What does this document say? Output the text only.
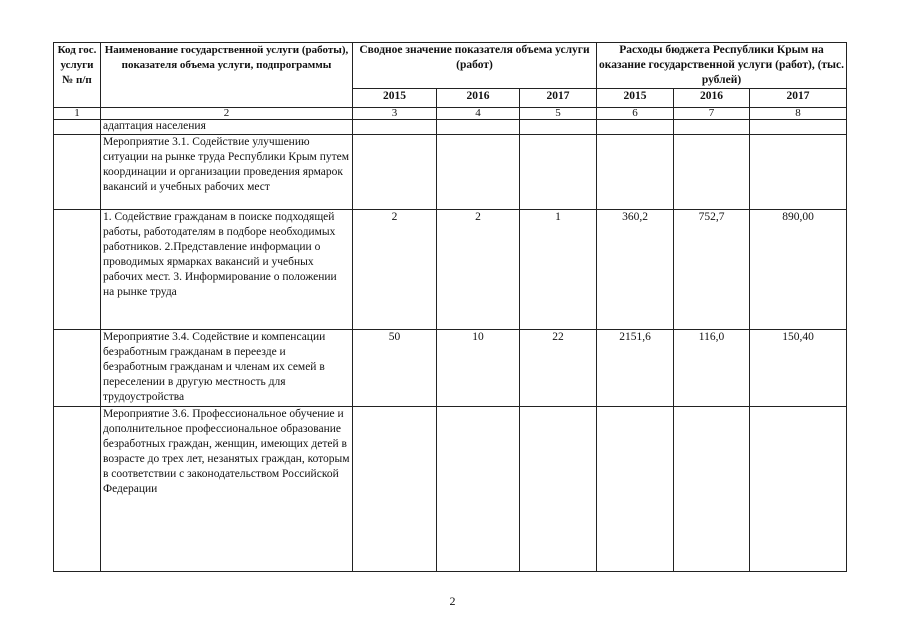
Код гос. услуги № п/п	Наименование государственной услуги (работы), показателя объема услуги, подпрограммы	Сводное значение показателя объема услуги (работ)			Расходы бюджета Республики Крым на оказание государственной услуги (работ), (тыс. рублей)		
		2015	2016	2017	2015	2016	2017
1	2	3	4	5	6	7	8
	адаптация населения						
	Мероприятие 3.1. Содействие улучшению ситуации на рынке труда Республики Крым путем координации и организации проведения ярмарок вакансий и учебных рабочих мест						
	1. Содействие гражданам в поиске подходящей работы, работодателям в подборе необходимых работников. 2.Представление информации о проводимых ярмарках вакансий и учебных рабочих мест. 3. Информирование о положении на рынке труда	2	2	1	360,2	752,7	890,00
	Мероприятие 3.4. Содействие и компенсации безработным гражданам в переезде и безработным гражданам и членам их семей в переселении в другую местность для трудоустройства	50	10	22	2151,6	116,0	150,40
	Мероприятие 3.6. Профессиональное обучение и дополнительное профессиональное образование безработных граждан, женщин, имеющих детей в возрасте до трех лет, незанятых граждан, которым в соответствии с законодательством Российской Федерации						
2
